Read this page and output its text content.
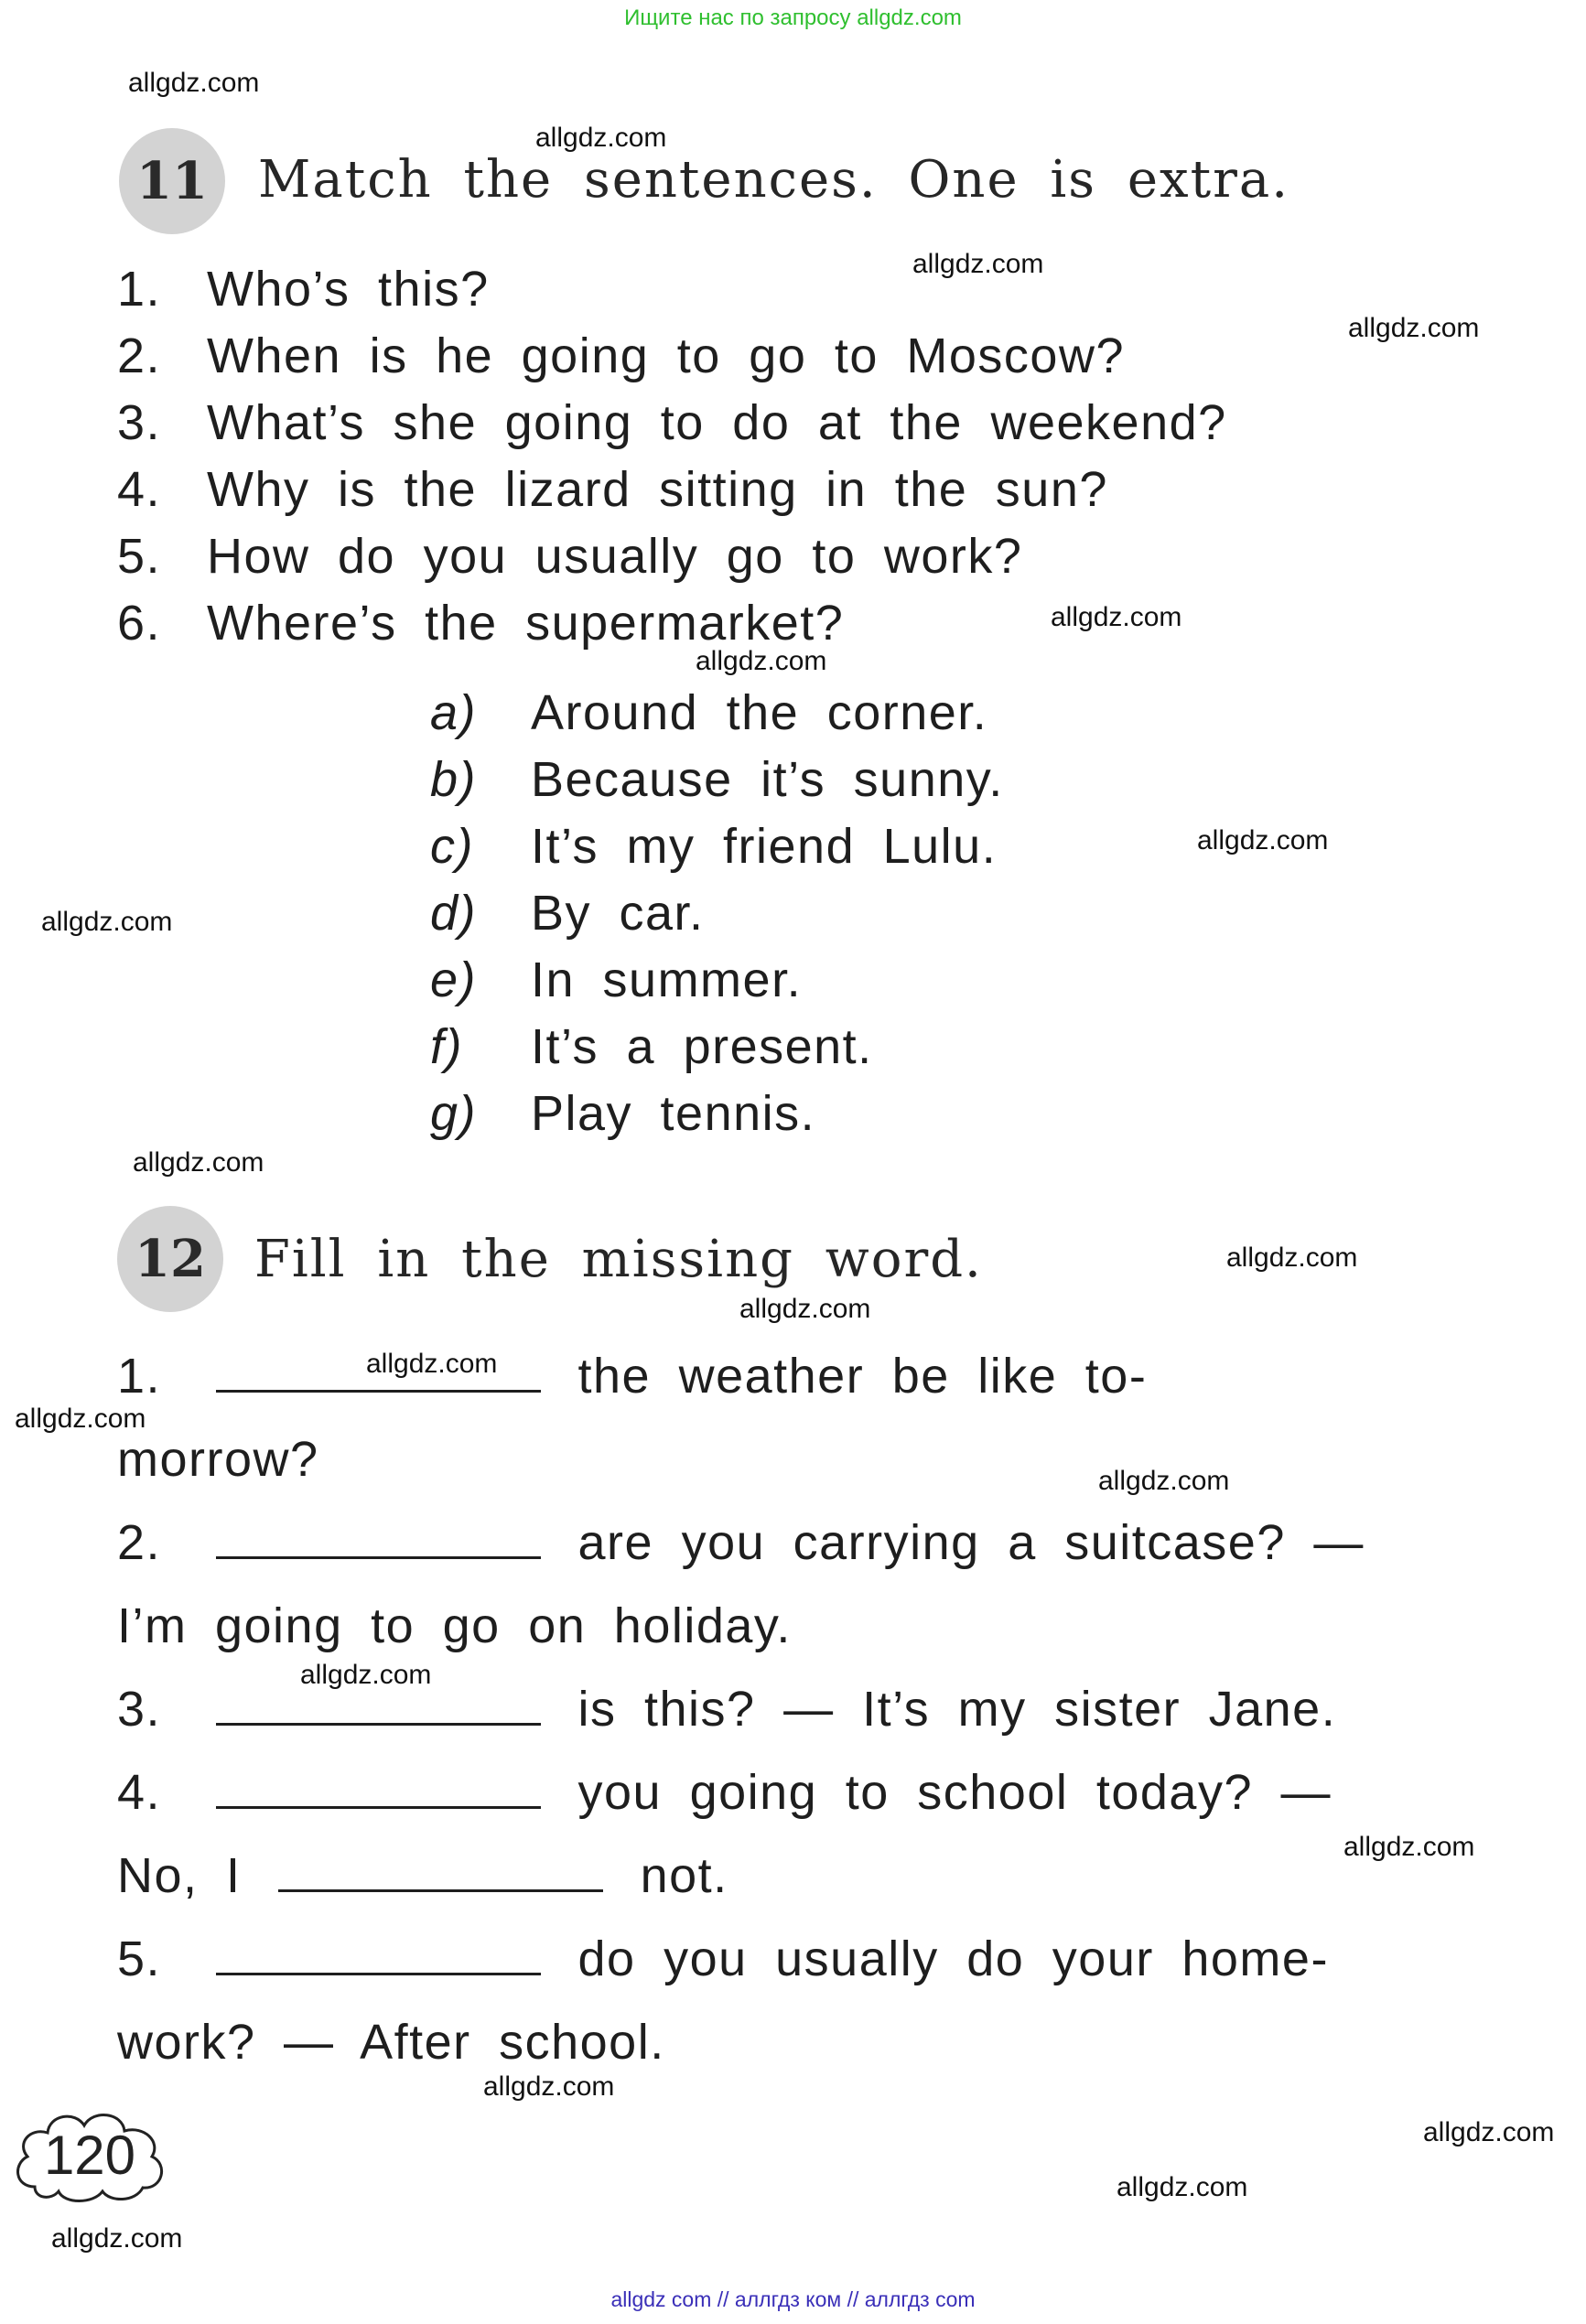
Ищите нас по запросу allgdz.com
11 Match the sentences. One is extra.
1. Who’s this?
2. When is he going to go to Moscow?
3. What’s she going to do at the weekend?
4. Why is the lizard sitting in the sun?
5. How do you usually go to work?
6. Where’s the supermarket?
a) Around the corner.
b) Because it’s sunny.
c) It’s my friend Lulu.
d) By car.
e) In summer.
f) It’s a present.
g) Play tennis.
12 Fill in the missing word.
1.	the weather be like to-
morrow?
2.	are you carrying a suitcase? —
I’m going to go on holiday.
3.	is this? — It’s my sister Jane.
4.	you going to school today? —
No, I	not.
5.	do you usually do your home-
work? — After school.
120
allgdz.com
allgdz.com
allgdz.com
allgdz.com
allgdz.com
allgdz.com
allgdz.com
allgdz.com
allgdz.com
allgdz.com
allgdz.com
allgdz.com
allgdz.com
allgdz.com
allgdz.com
allgdz.com
allgdz.com
allgdz.com
allgdz.com
allgdz.com
allgdz com // аллгдз ком // аллгдз com
